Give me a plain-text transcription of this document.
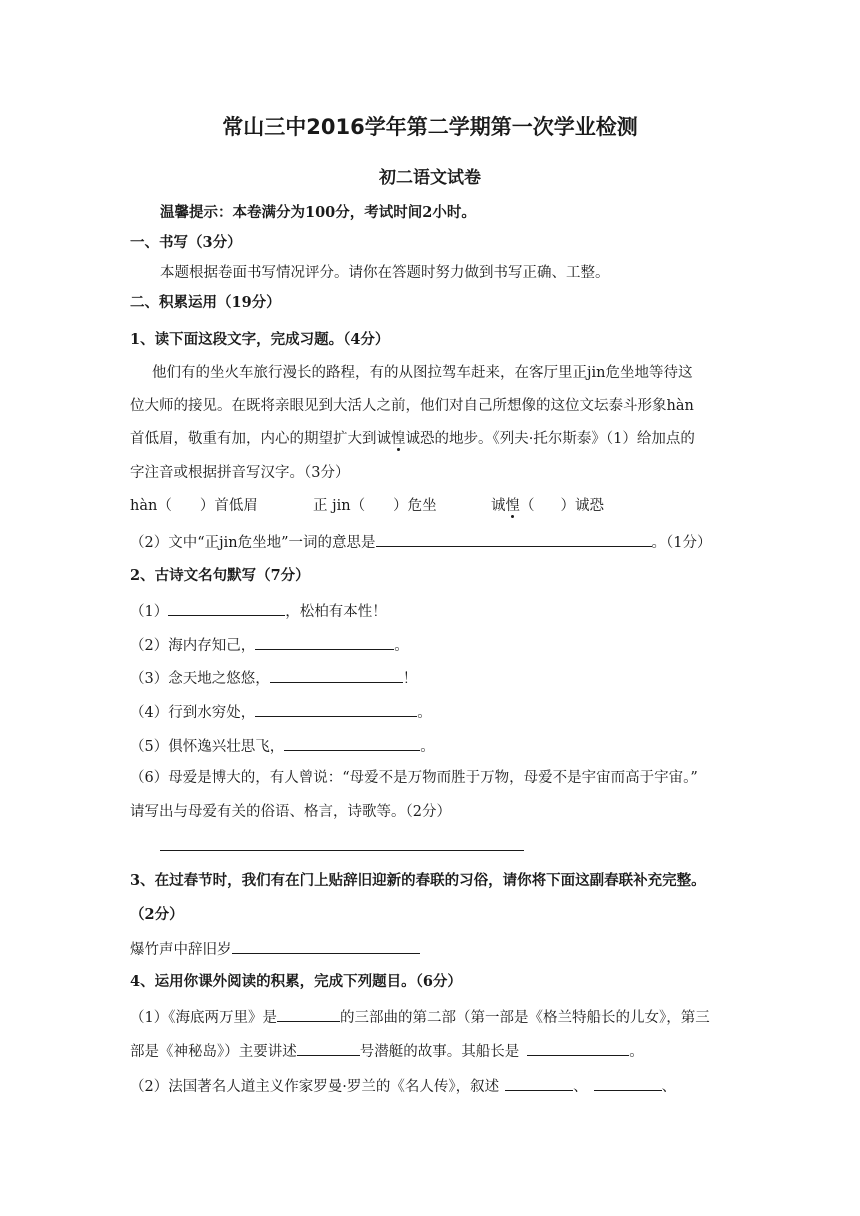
常山三中2016学年第二学期第一次学业检测
初二语文试卷
温馨提示：本卷满分为100分，考试时间2小时。
一、书写（3分）
本题根据卷面书写情况评分。请你在答题时努力做到书写正确、工整。
二、积累运用（19分）
1、读下面这段文字，完成习题。（4分）
他们有的坐火车旅行漫长的路程，有的从图拉驾车赶来，在客厅里正jin危坐地等待这
位大师的接见。在既将亲眼见到大活人之前，他们对自己所想像的这位文坛泰斗形象hàn
首低眉，敬重有加，内心的期望扩大到诚惶诚恐的地步。《列夫·托尔斯泰》（1）给加点的
字注音或根据拼音写汉字。（3分）
hàn（ ）首低眉	正 jin（ ）危坐	诚惶（ ）诚恐
（2）文中“正jin危坐地”一词的意思是	。（1分）
2、古诗文名句默写（7分）
（1）	，松柏有本性！
（2）海内存知己，	。
（3）念天地之悠悠，	！
（4）行到水穷处，	。
（5）俱怀逸兴壮思飞，	。
（6）母爱是博大的，有人曾说：“母爱不是万物而胜于万物，母爱不是宇宙而高于宇宙。”
请写出与母爱有关的俗语、格言，诗歌等。（2分）
3、在过春节时，我们有在门上贴辞旧迎新的春联的习俗，请你将下面这副春联补充完整。
（2分）
爆竹声中辞旧岁
4、运用你课外阅读的积累，完成下列题目。（6分）
（1）《海底两万里》是	的三部曲的第二部（第一部是《格兰特船长的儿女》，第三
部是《神秘岛》）主要讲述	号潜艇的故事。其船长是	。
（2）法国著名人道主义作家罗曼·罗兰的《名人传》，叙述	、	、
